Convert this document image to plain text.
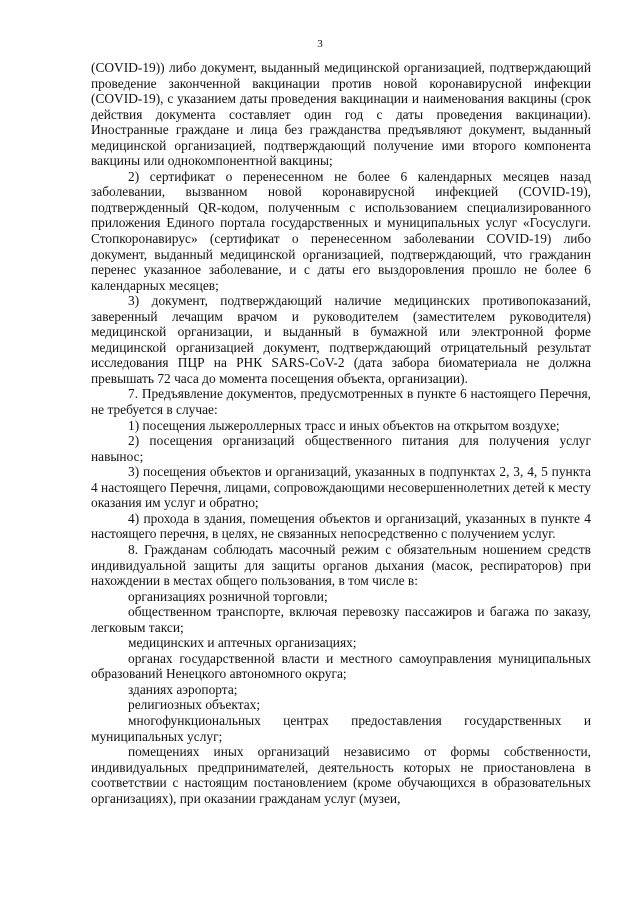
3

(COVID-19)) либо документ, выданный медицинской организацией, подтверждающий проведение законченной вакцинации против новой коронавирусной инфекции (COVID-19), с указанием даты проведения вакцинации и наименования вакцины (срок действия документа составляет один год с даты проведения вакцинации). Иностранные граждане и лица без гражданства предъявляют документ, выданный медицинской организацией, подтверждающий получение ими второго компонента вакцины или однокомпонентной вакцины;

2) сертификат о перенесенном не более 6 календарных месяцев назад заболевании, вызванном новой коронавирусной инфекцией (COVID-19), подтвержденный QR-кодом, полученным с использованием специализированного приложения Единого портала государственных и муниципальных услуг «Госуслуги. Стопкоронавирус» (сертификат о перенесенном заболевании COVID-19) либо документ, выданный медицинской организацией, подтверждающий, что гражданин перенес указанное заболевание, и с даты его выздоровления прошло не более 6 календарных месяцев;

3) документ, подтверждающий наличие медицинских противопоказаний, заверенный лечащим врачом и руководителем (заместителем руководителя) медицинской организации, и выданный в бумажной или электронной форме медицинской организацией документ, подтверждающий отрицательный результат исследования ПЦР на РНК SARS-CoV-2 (дата забора биоматериала не должна превышать 72 часа до момента посещения объекта, организации).

7. Предъявление документов, предусмотренных в пункте 6 настоящего Перечня, не требуется в случае:

1) посещения лыжероллерных трасс и иных объектов на открытом воздухе;

2) посещения организаций общественного питания для получения услуг навынос;

3) посещения объектов и организаций, указанных в подпунктах 2, 3, 4, 5 пункта 4 настоящего Перечня, лицами, сопровождающими несовершеннолетних детей к месту оказания им услуг и обратно;

4) прохода в здания, помещения объектов и организаций, указанных в пункте 4 настоящего перечня, в целях, не связанных непосредственно с получением услуг.

8. Гражданам соблюдать масочный режим с обязательным ношением средств индивидуальной защиты для защиты органов дыхания (масок, респираторов) при нахождении в местах общего пользования, в том числе в:

организациях розничной торговли;

общественном транспорте, включая перевозку пассажиров и багажа по заказу, легковым такси;

медицинских и аптечных организациях;

органах государственной власти и местного самоуправления муниципальных образований Ненецкого автономного округа;

зданиях аэропорта;

религиозных объектах;

многофункциональных центрах предоставления государственных и муниципальных услуг;

помещениях иных организаций независимо от формы собственности, индивидуальных предпринимателей, деятельность которых не приостановлена в соответствии с настоящим постановлением (кроме обучающихся в образовательных организациях), при оказании гражданам услуг (музеи,
